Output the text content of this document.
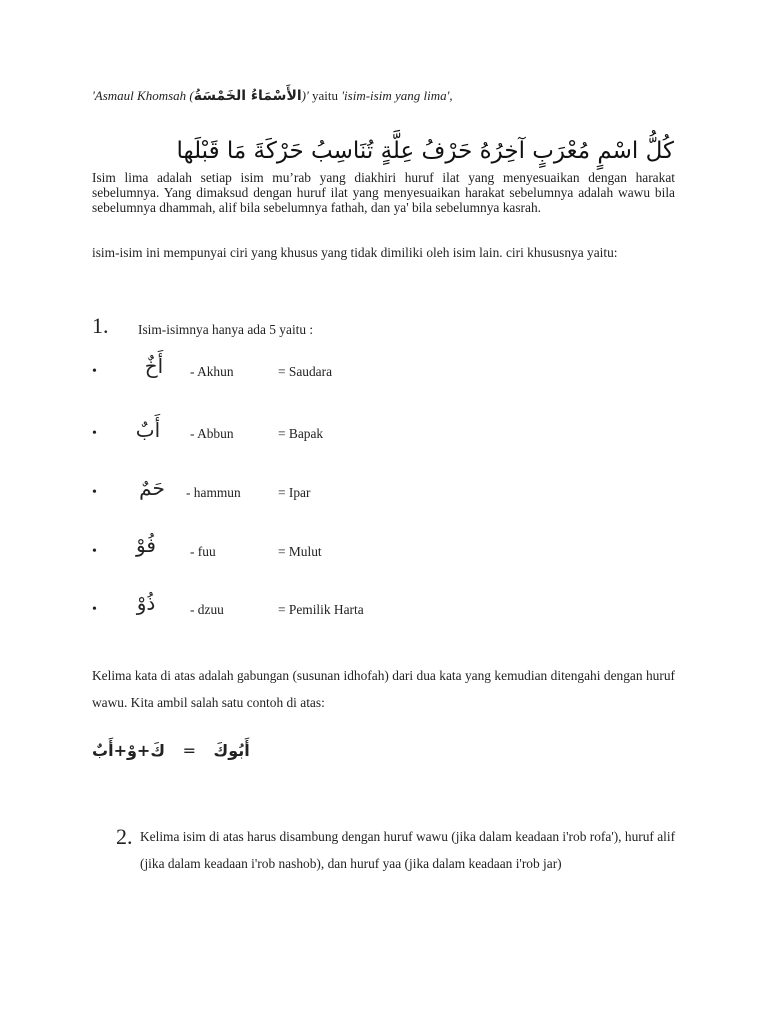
'Asmaul Khomsah (الأَسْمَاءُ الخَمْسَةُ)' yaitu 'isim-isim yang lima',
كُلُّ اسْمٍ مُعْرَبٍ آخِرُهُ حَرْفُ عِلَّةٍ تُنَاسِبُ حَرْكَةَ مَا قَبْلَها
Isim lima adalah setiap isim mu’rab yang diakhiri huruf ilat yang menyesuaikan dengan harakat sebelumnya. Yang dimaksud dengan huruf ilat yang menyesuaikan harakat sebelumnya adalah wawu bila sebelumnya dhammah, alif bila sebelumnya fathah, dan ya' bila sebelumnya kasrah.
isim-isim ini mempunyai ciri yang khusus yang tidak dimiliki oleh isim lain. ciri khususnya yaitu:
1. Isim-isimnya hanya ada 5 yaitu :
•	أَخٌ	- Akhun	= Saudara
•	أَبٌ	- Abbun	= Bapak
•	حَمٌ	- hammun	= Ipar
•	فُوْ	- fuu	= Mulut
•	ذُوْ	- dzuu	= Pemilik Harta
Kelima kata di atas adalah gabungan (susunan idhofah) dari dua kata yang kemudian ditengahi dengan huruf wawu. Kita ambil salah satu contoh di atas:
كَ+وْ+أَبٌ = أَبُوكَ
2. Kelima isim di atas harus disambung dengan huruf wawu (jika dalam keadaan i'rob rofa'), huruf alif (jika dalam keadaan i'rob nashob), dan huruf yaa (jika dalam keadaan i'rob jar)
